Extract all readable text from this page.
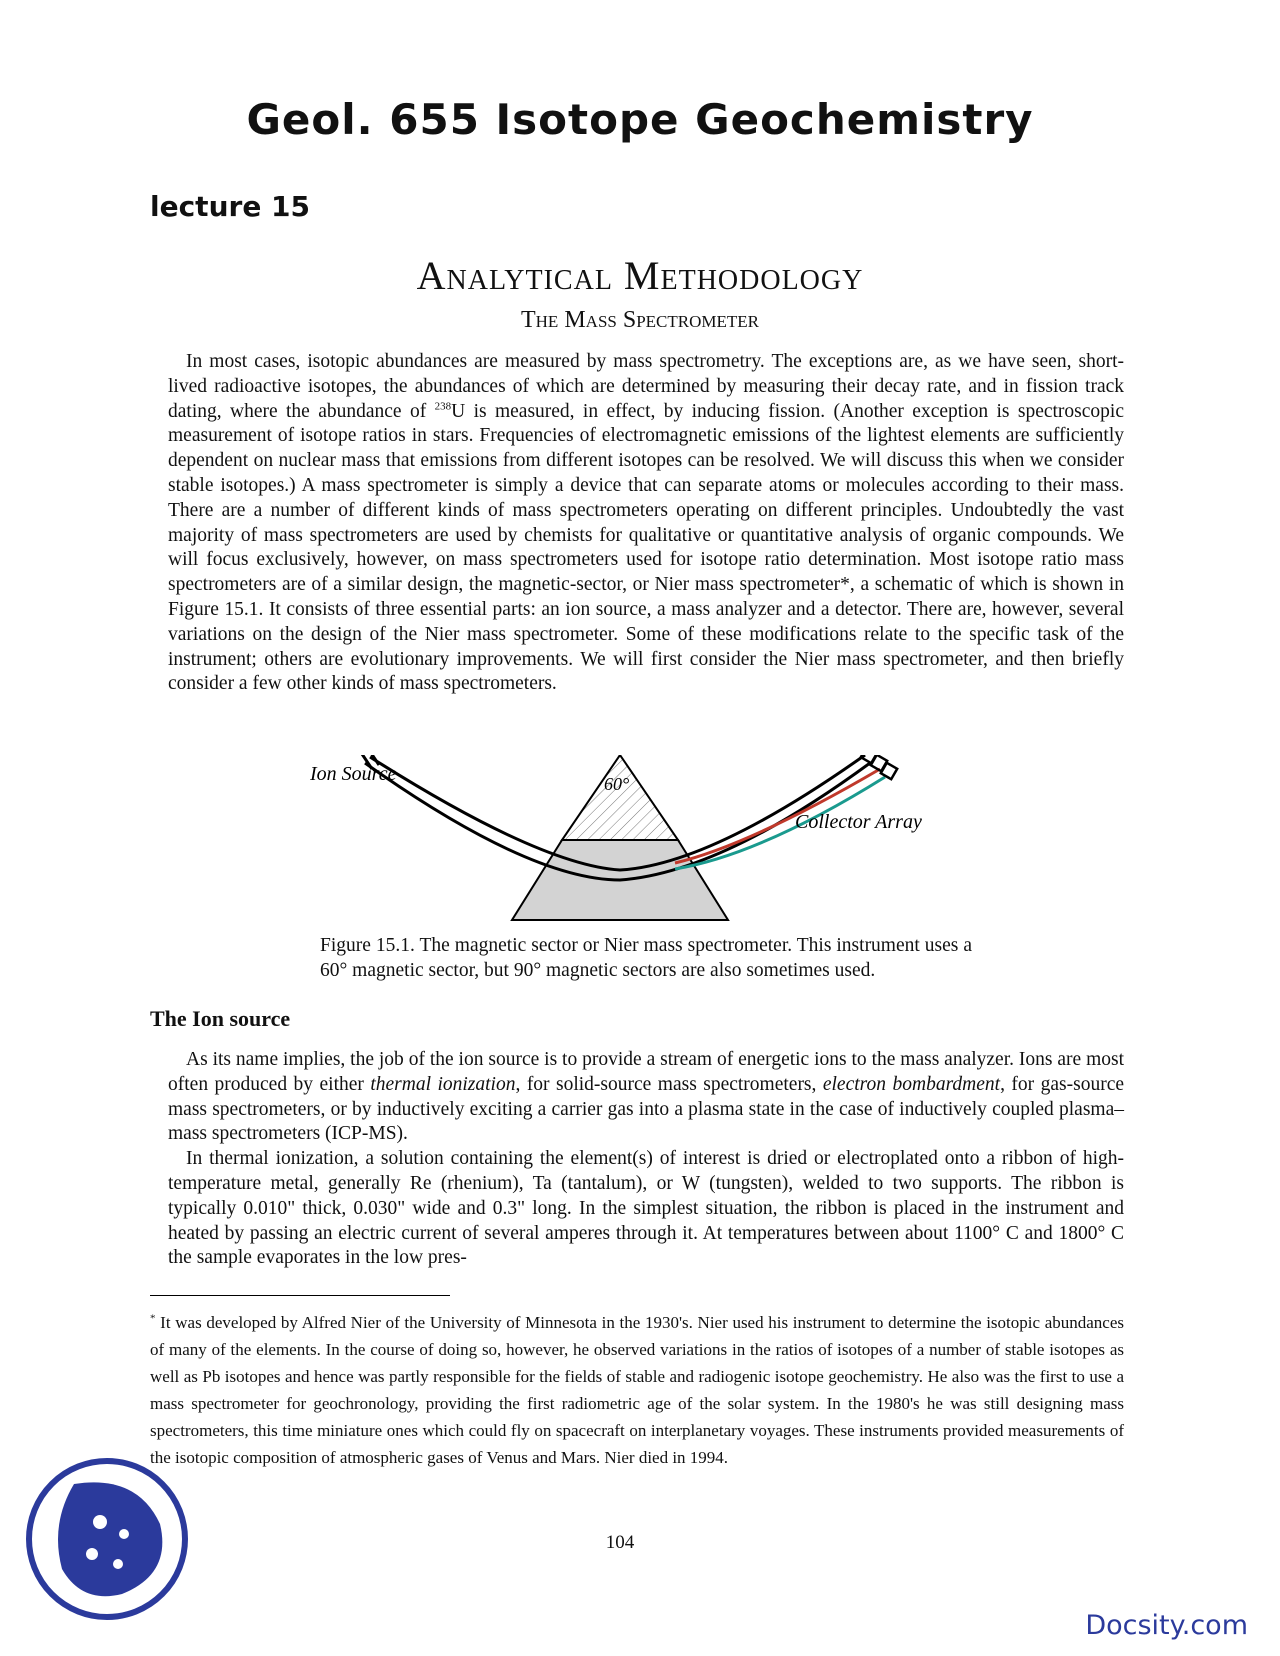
Geol. 655 Isotope Geochemistry
lecture 15
Analytical Methodology
The Mass Spectrometer

In most cases, isotopic abundances are measured by mass spectrometry. The exceptions are, as we have seen, short-lived radioactive isotopes, the abundances of which are determined by measuring their decay rate, and in fission track dating, where the abundance of $^{238}$U is measured, in effect, by inducing fission. (Another exception is spectroscopic measurement of isotope ratios in stars. Frequencies of electromagnetic emissions of the lightest elements are sufficiently dependent on nuclear mass that emissions from different isotopes can be resolved. We will discuss this when we consider stable isotopes.) A mass spectrometer is simply a device that can separate atoms or molecules according to their mass. There are a number of different kinds of mass spectrometers operating on different principles. Undoubtedly the vast majority of mass spectrometers are used by chemists for qualitative or quantitative analysis of organic compounds. We will focus exclusively, however, on mass spectrometers used for isotope ratio determination. Most isotope ratio mass spectrometers are of a similar design, the magnetic-sector, or Nier mass spectrometer*, a schematic of which is shown in Figure 15.1. It consists of three essential parts: an ion source, a mass analyzer and a detector. There are, however, several variations on the design of the Nier mass spectrometer. Some of these modifications relate to the specific task of the instrument; others are evolutionary improvements. We will first consider the Nier mass spectrometer, and then briefly consider a few other kinds of mass spectrometers.

Ion Source	60°
Collector Array

Figure 15.1. The magnetic sector or Nier mass spectrometer. This instrument uses a 60° magnetic sector, but 90° magnetic sectors are also sometimes used.

The Ion source

As its name implies, the job of the ion source is to provide a stream of energetic ions to the mass analyzer. Ions are most often produced by either thermal ionization, for solid-source mass spectrometers, electron bombardment, for gas-source mass spectrometers, or by inductively exciting a carrier gas into a plasma state in the case of inductively coupled plasma–mass spectrometers (ICP-MS).

In thermal ionization, a solution containing the element(s) of interest is dried or electroplated onto a ribbon of high-temperature metal, generally Re (rhenium), Ta (tantalum), or W (tungsten), welded to two supports. The ribbon is typically 0.010" thick, 0.030" wide and 0.3" long. In the simplest situation, the ribbon is placed in the instrument and heated by passing an electric current of several amperes through it. At temperatures between about 1100° C and 1800° C the sample evaporates in the low pres-

* It was developed by Alfred Nier of the University of Minnesota in the 1930's. Nier used his instrument to determine the isotopic abundances of many of the elements. In the course of doing so, however, he observed variations in the ratios of isotopes of a number of stable isotopes as well as Pb isotopes and hence was partly responsible for the fields of stable and radiogenic isotope geochemistry. He also was the first to use a mass spectrometer for geochronology, providing the first radiometric age of the solar system. In the 1980's he was still designing mass spectrometers, this time miniature ones which could fly on spacecraft on interplanetary voyages. These instruments provided measurements of the isotopic composition of atmospheric gases of Venus and Mars. Nier died in 1994.

104
Docsity.com
